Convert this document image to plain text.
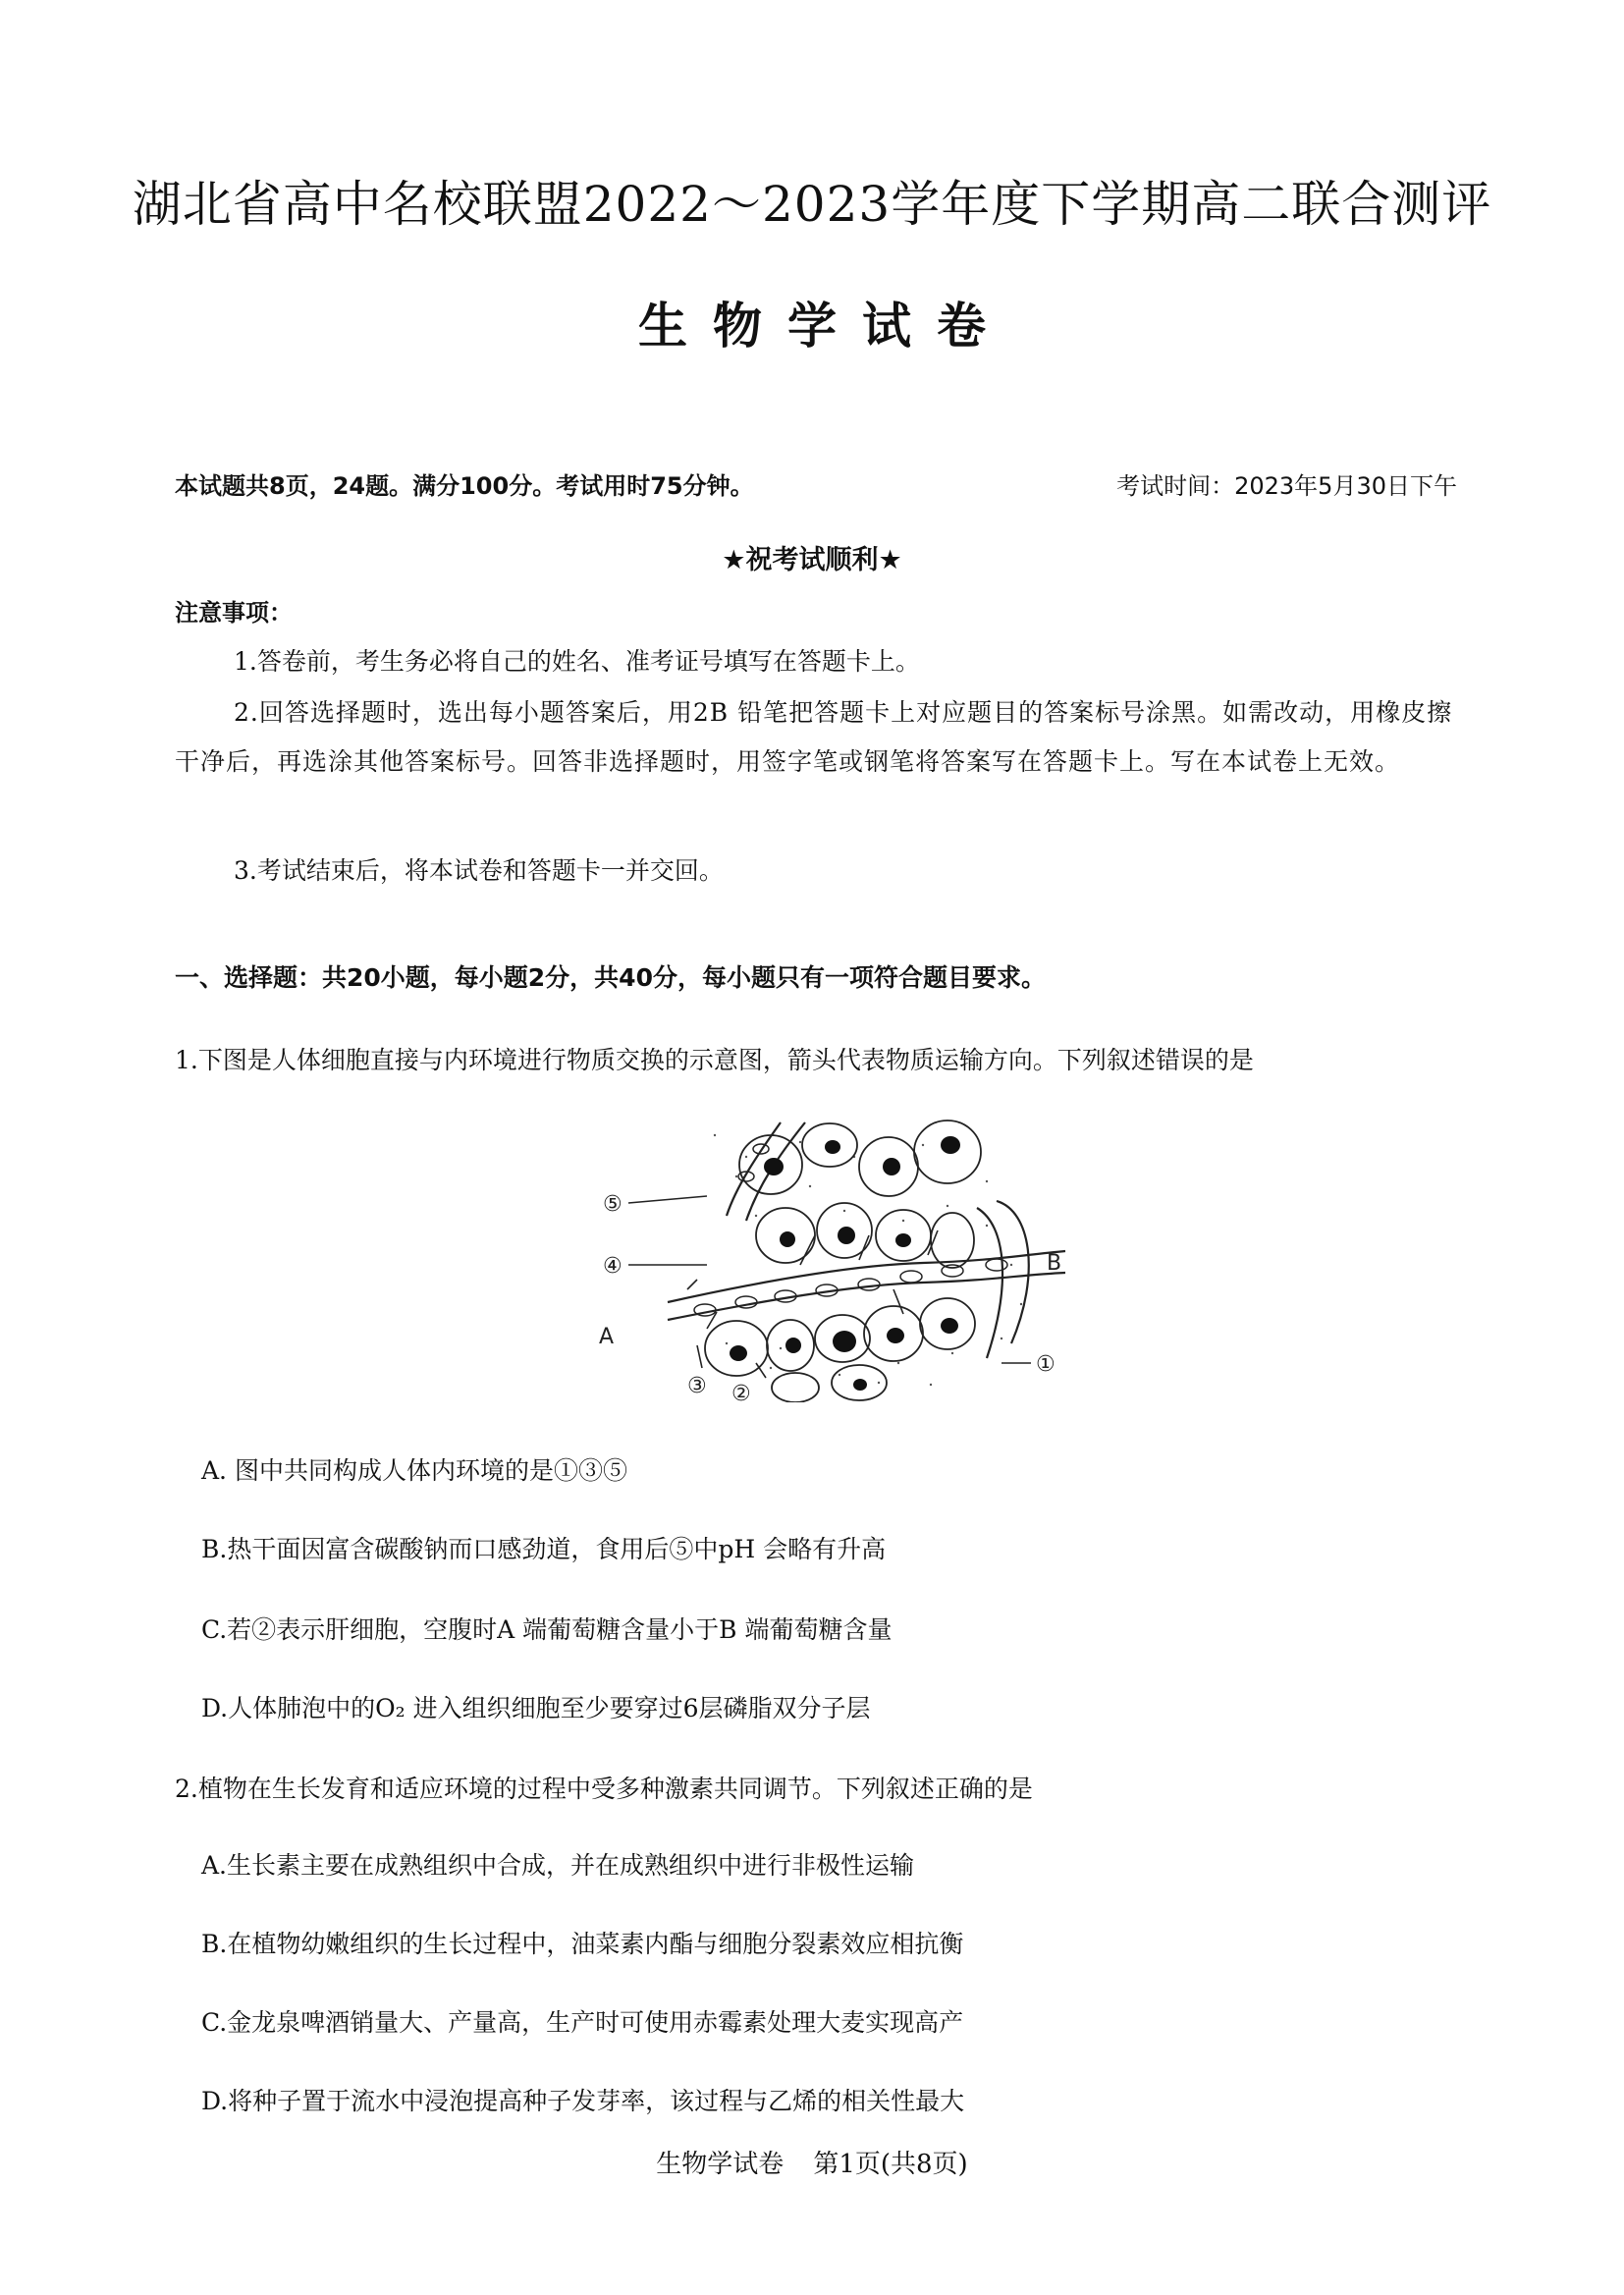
湖北省高中名校联盟2022～2023学年度下学期高二联合测评
生物学试卷
本试题共8页，24题。满分100分。考试用时75分钟。	考试时间：2023年5月30日下午
★祝考试顺利★
注意事项：
1.答卷前，考生务必将自己的姓名、准考证号填写在答题卡上。
2.回答选择题时，选出每小题答案后，用2B 铅笔把答题卡上对应题目的答案标号涂黑。如需改动，用橡皮擦干净后，再选涂其他答案标号。回答非选择题时，用签字笔或钢笔将答案写在答题卡上。写在本试卷上无效。
3.考试结束后，将本试卷和答题卡一并交回。
一、选择题：共20小题，每小题2分，共40分，每小题只有一项符合题目要求。
1.下图是人体细胞直接与内环境进行物质交换的示意图，箭头代表物质运输方向。下列叙述错误的是
⑤
④
A
B
①
③ ②
A. 图中共同构成人体内环境的是①③⑤
B.热干面因富含碳酸钠而口感劲道，食用后⑤中pH 会略有升高
C.若②表示肝细胞，空腹时A 端葡萄糖含量小于B 端葡萄糖含量
D.人体肺泡中的O₂ 进入组织细胞至少要穿过6层磷脂双分子层
2.植物在生长发育和适应环境的过程中受多种激素共同调节。下列叙述正确的是
A.生长素主要在成熟组织中合成，并在成熟组织中进行非极性运输
B.在植物幼嫩组织的生长过程中，油菜素内酯与细胞分裂素效应相抗衡
C.金龙泉啤酒销量大、产量高，生产时可使用赤霉素处理大麦实现高产
D.将种子置于流水中浸泡提高种子发芽率，该过程与乙烯的相关性最大
生物学试卷 第1页(共8页)
